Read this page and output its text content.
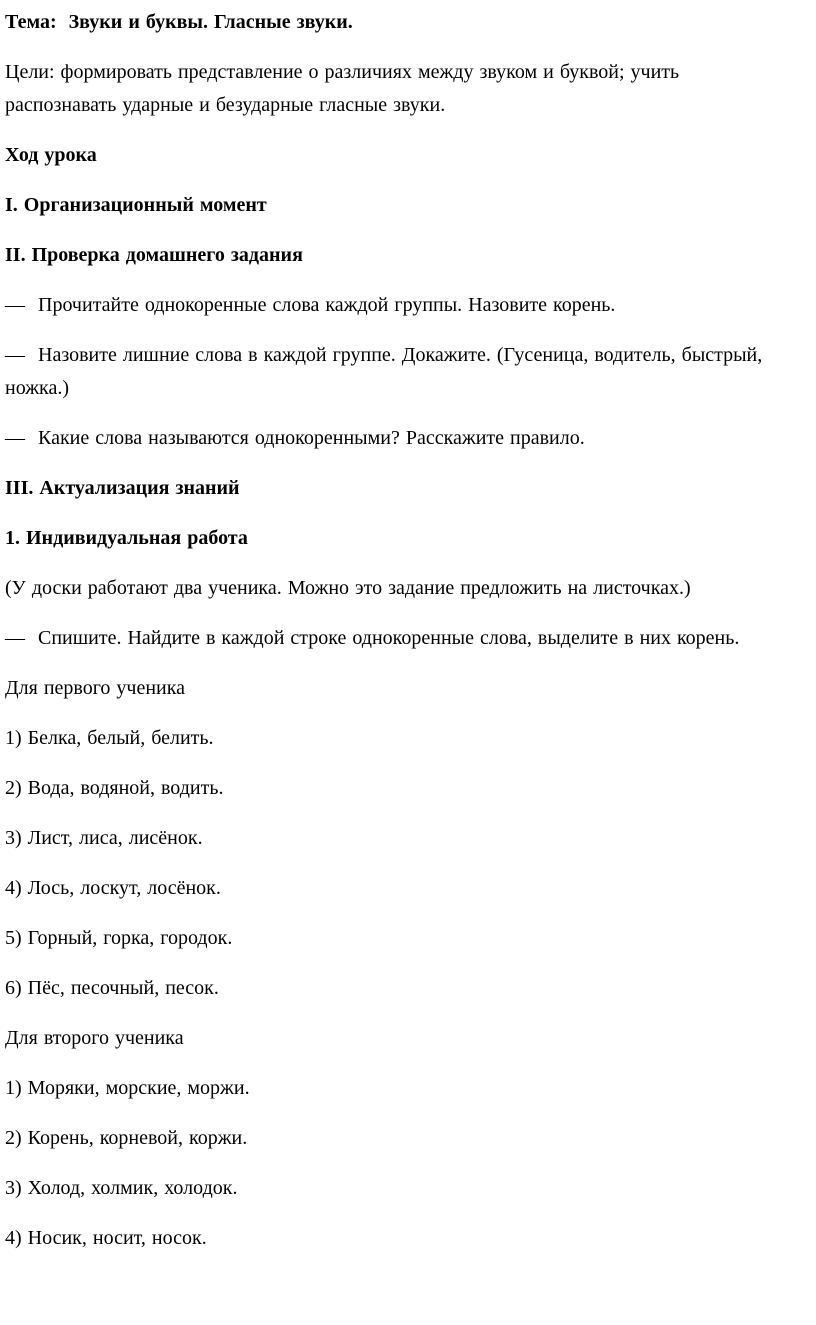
Тема:  Звуки и буквы. Гласные звуки.

Цели: формировать представление о различиях между звуком и буквой; учить распознавать ударные и безударные гласные звуки.

Ход урока

I. Организационный момент

II. Проверка домашнего задания

— Прочитайте однокоренные слова каждой группы. Назовите корень.

— Назовите лишние слова в каждой группе. Докажите. (Гусеница, водитель, быстрый, ножка.)

— Какие слова называются однокоренными? Расскажите правило.

III. Актуализация знаний

1. Индивидуальная работа

(У доски работают два ученика. Можно это задание предложить на листочках.)

— Спишите. Найдите в каждой строке однокоренные слова, выделите в них корень.

Для первого ученика

1) Белка, белый, белить.

2) Вода, водяной, водить.

3) Лист, лиса, лисёнок.

4) Лось, лоскут, лосёнок.

5) Горный, горка, городок.

6) Пёс, песочный, песок.

Для второго ученика

1) Моряки, морские, моржи.

2) Корень, корневой, коржи.

3) Холод, холмик, холодок.

4) Носик, носит, носок.
